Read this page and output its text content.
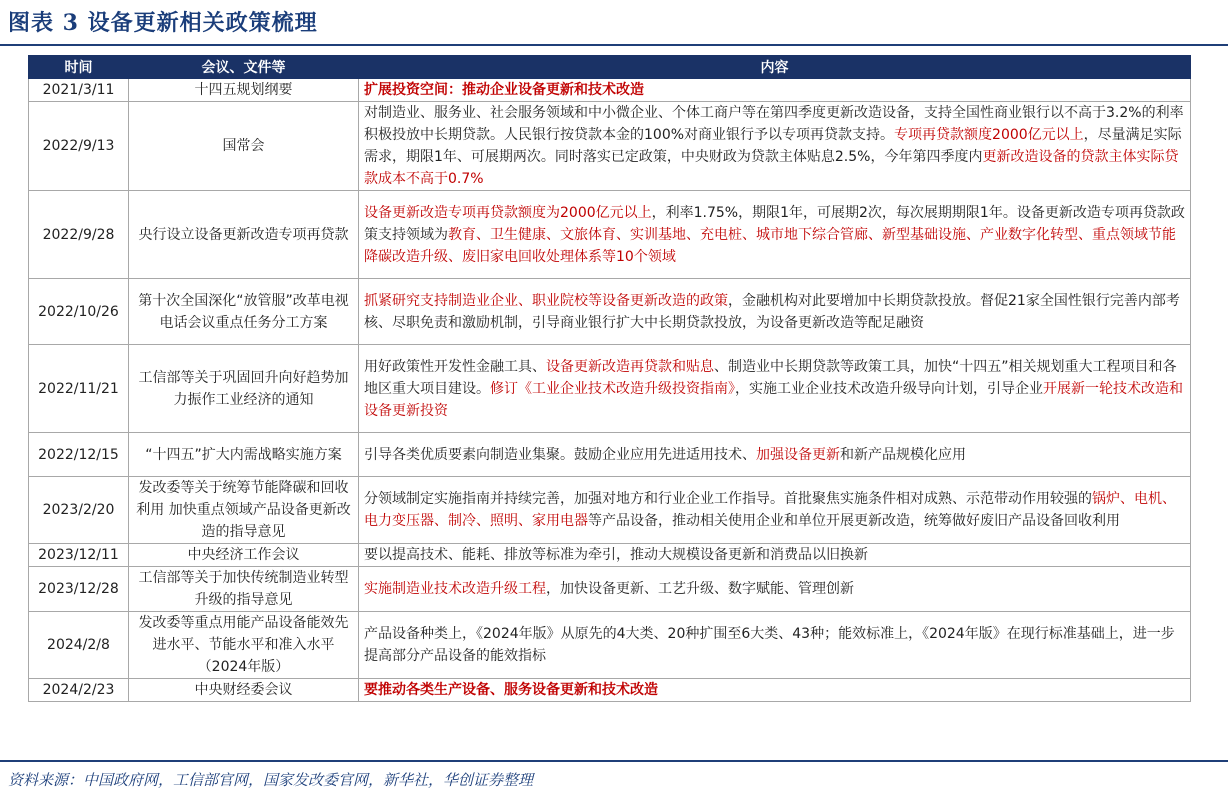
图表 3 设备更新相关政策梳理
时间	会议、文件等	内容
2021/3/11	十四五规划纲要	扩展投资空间：推动企业设备更新和技术改造
2022/9/13	国常会	对制造业、服务业、社会服务领域和中小微企业、个体工商户等在第四季度更新改造设备，支持全国性商业银行以不高于3.2%的利率积极投放中长期贷款。人民银行按贷款本金的100%对商业银行予以专项再贷款支持。专项再贷款额度2000亿元以上，尽量满足实际需求，期限1年、可展期两次。同时落实已定政策，中央财政为贷款主体贴息2.5%，今年第四季度内更新改造设备的贷款主体实际贷款成本不高于0.7%
2022/9/28	央行设立设备更新改造专项再贷款	设备更新改造专项再贷款额度为2000亿元以上，利率1.75%，期限1年，可展期2次，每次展期期限1年。设备更新改造专项再贷款政策支持领域为教育、卫生健康、文旅体育、实训基地、充电桩、城市地下综合管廊、新型基础设施、产业数字化转型、重点领域节能降碳改造升级、废旧家电回收处理体系等10个领域
2022/10/26	第十次全国深化“放管服”改革电视电话会议重点任务分工方案	抓紧研究支持制造业企业、职业院校等设备更新改造的政策，金融机构对此要增加中长期贷款投放。督促21家全国性银行完善内部考核、尽职免责和激励机制，引导商业银行扩大中长期贷款投放，为设备更新改造等配足融资
2022/11/21	工信部等关于巩固回升向好趋势加力振作工业经济的通知	用好政策性开发性金融工具、设备更新改造再贷款和贴息、制造业中长期贷款等政策工具，加快“十四五”相关规划重大工程项目和各地区重大项目建设。修订《工业企业技术改造升级投资指南》，实施工业企业技术改造升级导向计划，引导企业开展新一轮技术改造和设备更新投资
2022/12/15	“十四五”扩大内需战略实施方案	引导各类优质要素向制造业集聚。鼓励企业应用先进适用技术、加强设备更新和新产品规模化应用
2023/2/20	发改委等关于统筹节能降碳和回收利用 加快重点领域产品设备更新改造的指导意见	分领域制定实施指南并持续完善，加强对地方和行业企业工作指导。首批聚焦实施条件相对成熟、示范带动作用较强的锅炉、电机、电力变压器、制冷、照明、家用电器等产品设备，推动相关使用企业和单位开展更新改造，统筹做好废旧产品设备回收利用
2023/12/11	中央经济工作会议	要以提高技术、能耗、排放等标准为牵引，推动大规模设备更新和消费品以旧换新
2023/12/28	工信部等关于加快传统制造业转型升级的指导意见	实施制造业技术改造升级工程，加快设备更新、工艺升级、数字赋能、管理创新
2024/2/8	发改委等重点用能产品设备能效先进水平、节能水平和准入水平（2024年版）	产品设备种类上，《2024年版》从原先的4大类、20种扩围至6大类、43种；能效标准上，《2024年版》在现行标准基础上，进一步提高部分产品设备的能效指标
2024/2/23	中央财经委会议	要推动各类生产设备、服务设备更新和技术改造
资料来源：中国政府网，工信部官网，国家发改委官网，新华社，华创证券整理
